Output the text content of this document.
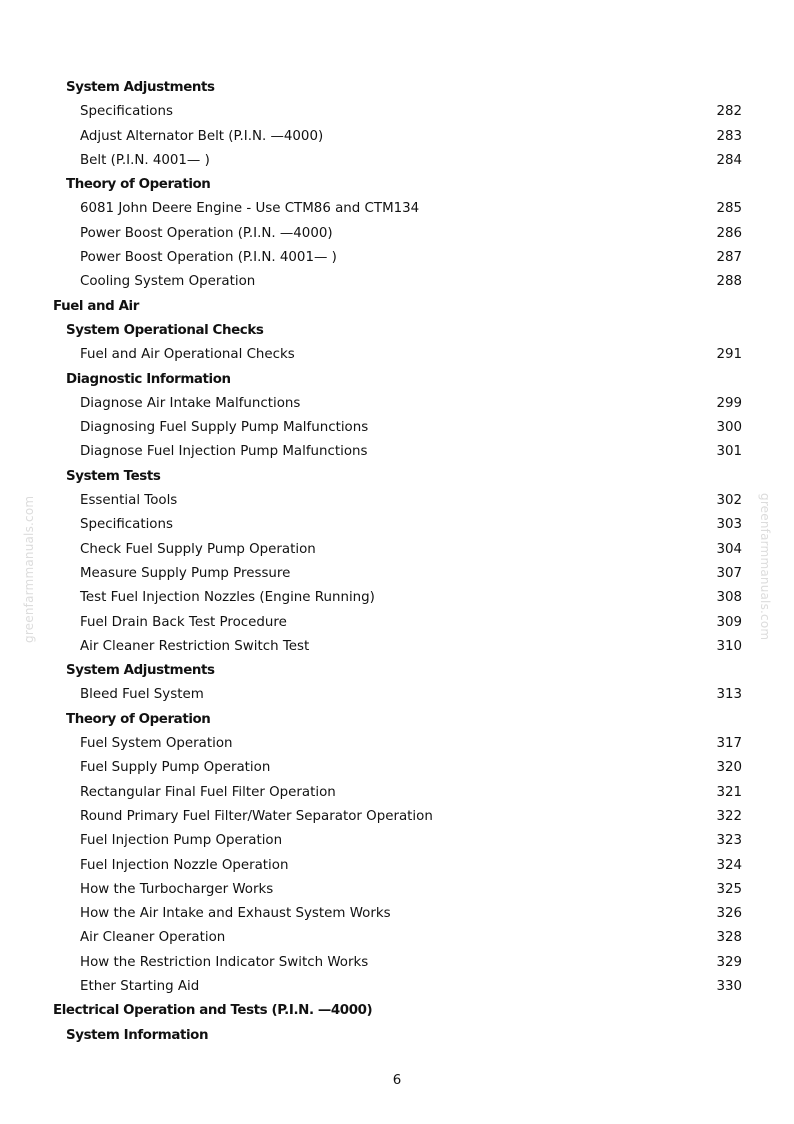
greenfarmmanuals.com	greenfarmmanuals.com
System Adjustments
Specifications	282
Adjust Alternator Belt (P.I.N. —4000)	283
Belt (P.I.N. 4001— )	284
Theory of Operation
6081 John Deere Engine - Use CTM86 and CTM134	285
Power Boost Operation (P.I.N. —4000)	286
Power Boost Operation (P.I.N. 4001— )	287
Cooling System Operation	288
Fuel and Air
System Operational Checks
Fuel and Air Operational Checks	291
Diagnostic Information
Diagnose Air Intake Malfunctions	299
Diagnosing Fuel Supply Pump Malfunctions	300
Diagnose Fuel Injection Pump Malfunctions	301
System Tests
Essential Tools	302
Specifications	303
Check Fuel Supply Pump Operation	304
Measure Supply Pump Pressure	307
Test Fuel Injection Nozzles (Engine Running)	308
Fuel Drain Back Test Procedure	309
Air Cleaner Restriction Switch Test	310
System Adjustments
Bleed Fuel System	313
Theory of Operation
Fuel System Operation	317
Fuel Supply Pump Operation	320
Rectangular Final Fuel Filter Operation	321
Round Primary Fuel Filter/Water Separator Operation	322
Fuel Injection Pump Operation	323
Fuel Injection Nozzle Operation	324
How the Turbocharger Works	325
How the Air Intake and Exhaust System Works	326
Air Cleaner Operation	328
How the Restriction Indicator Switch Works	329
Ether Starting Aid	330
Electrical Operation and Tests (P.I.N. —4000)
System Information
6
